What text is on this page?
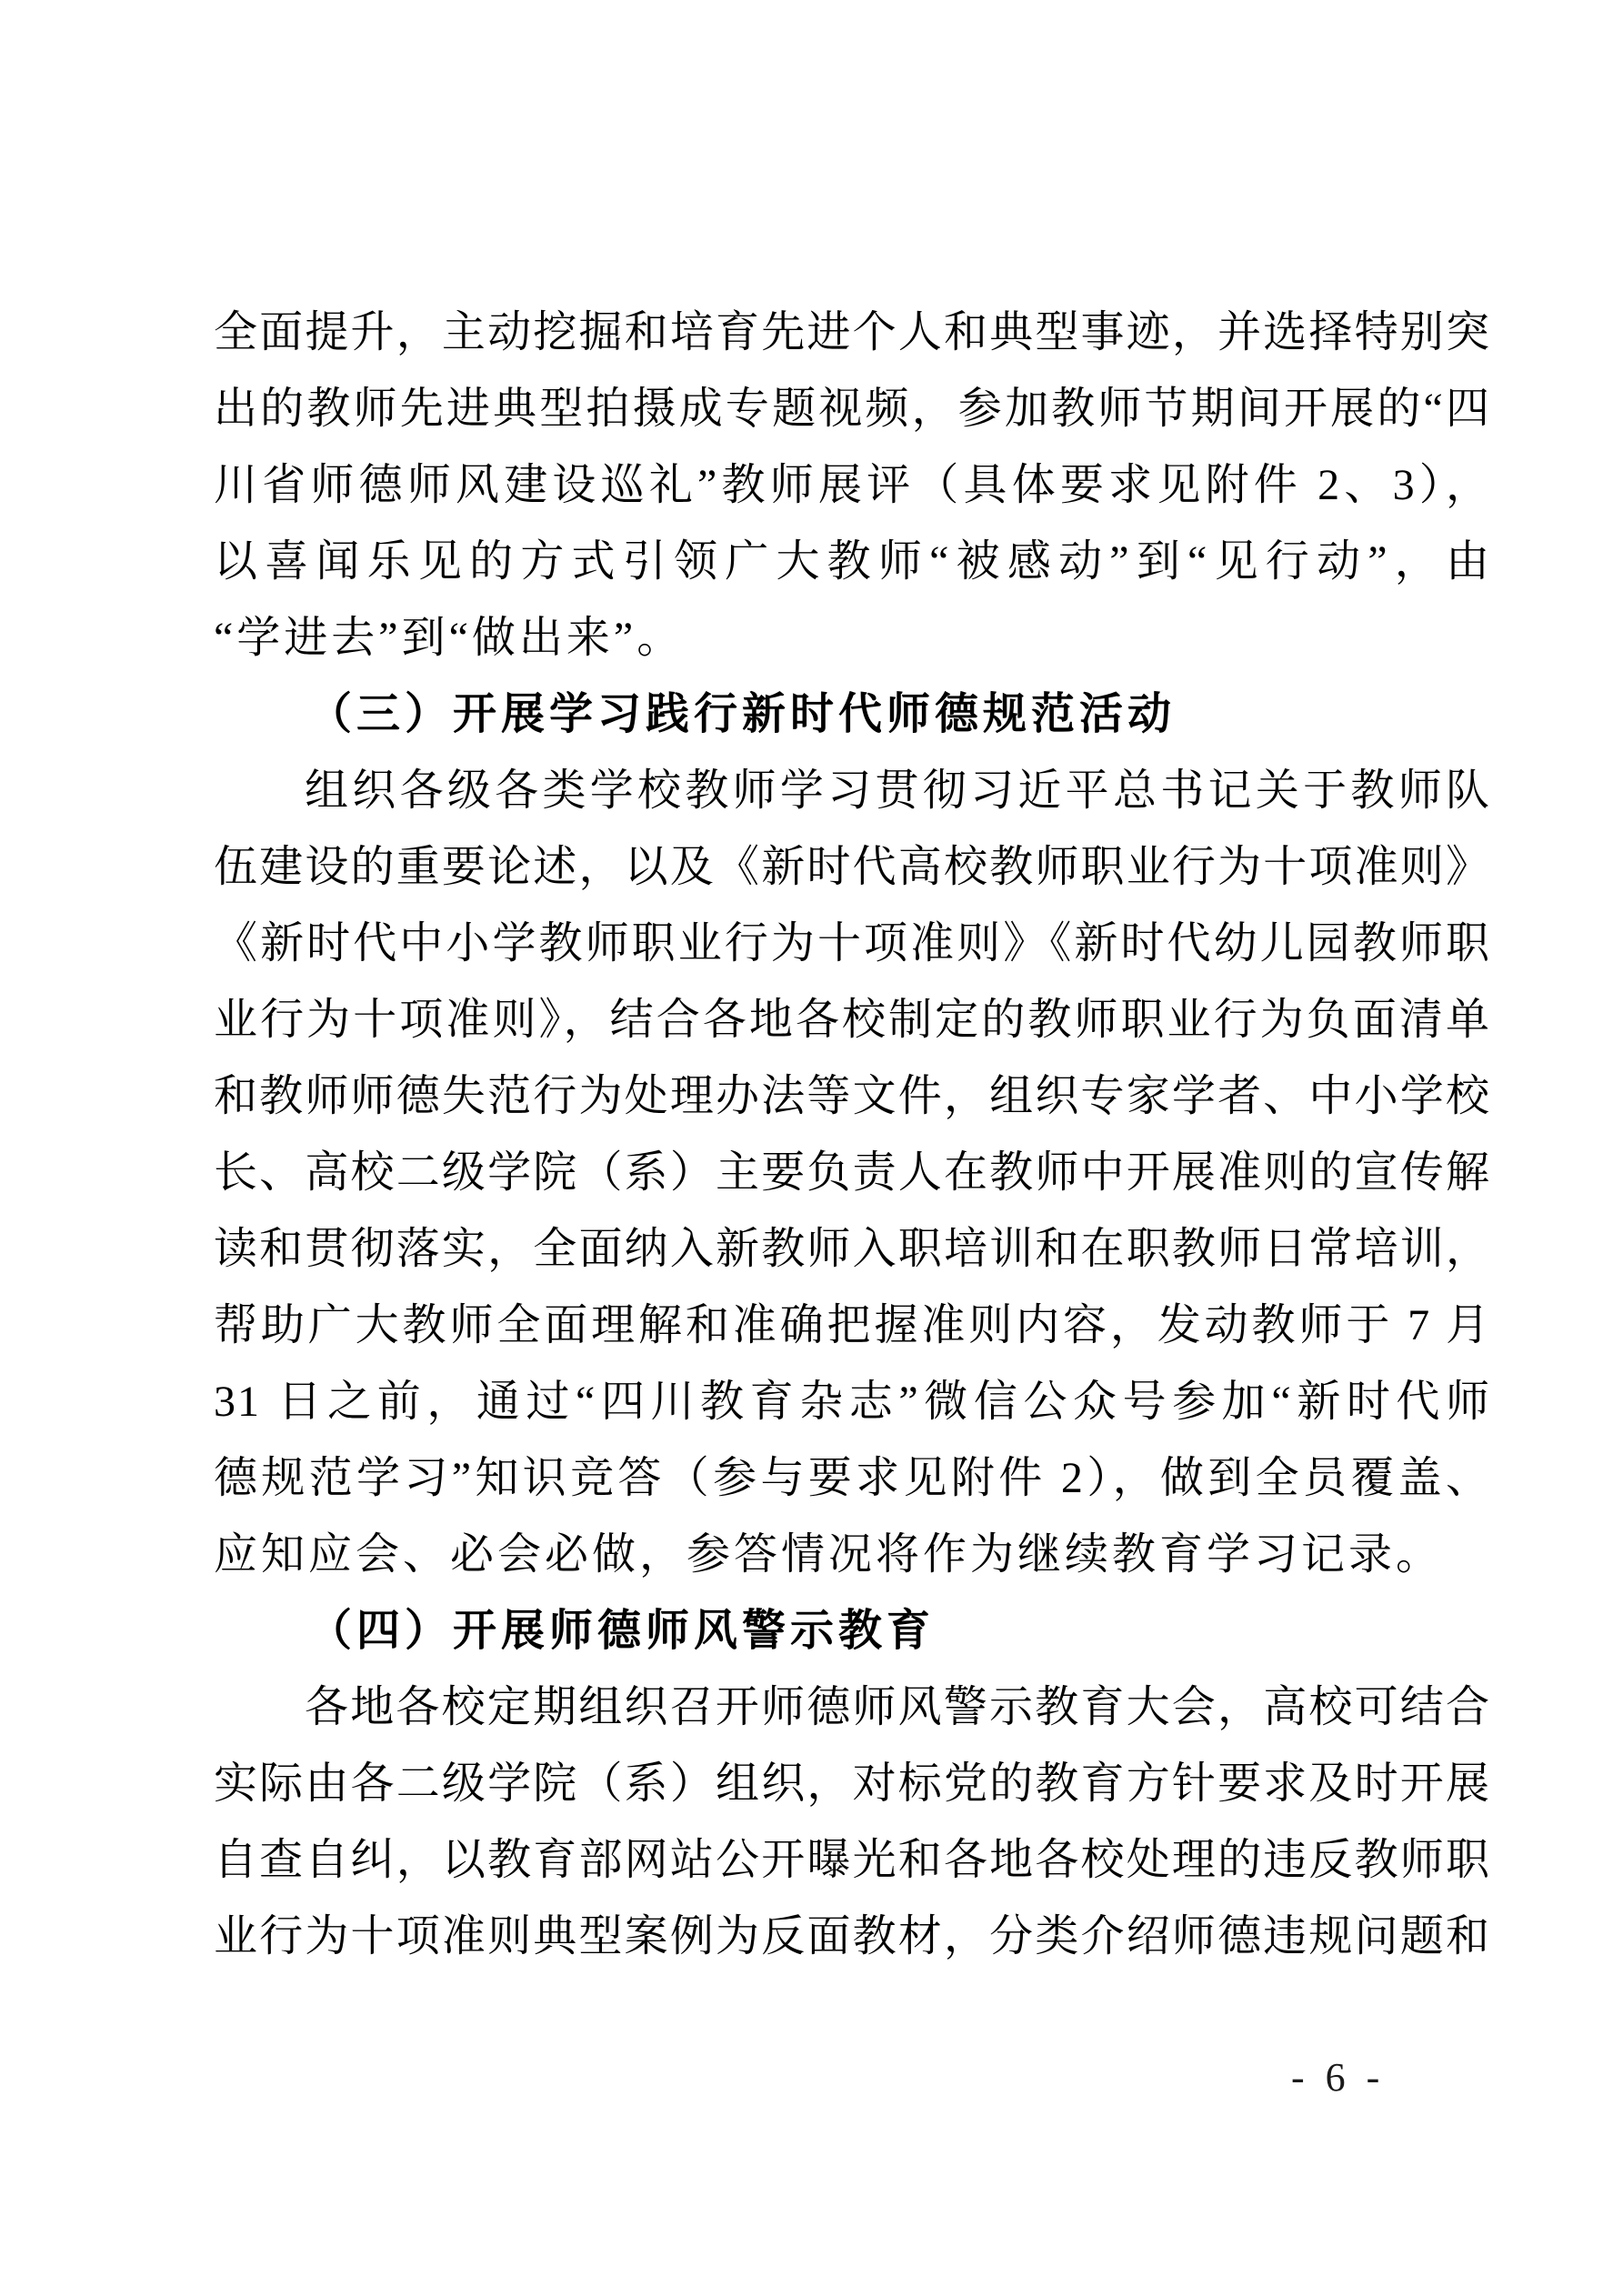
全面提升，主动挖掘和培育先进个人和典型事迹，并选择特别突
出的教师先进典型拍摄成专题视频，参加教师节期间开展的“四
川省师德师风建设巡礼”教师展评（具体要求见附件 2、3），
以喜闻乐见的方式引领广大教师“被感动”到“见行动”，由
“学进去”到“做出来”。
（三）开展学习践行新时代师德规范活动
组织各级各类学校教师学习贯彻习近平总书记关于教师队
伍建设的重要论述，以及《新时代高校教师职业行为十项准则》
《新时代中小学教师职业行为十项准则》《新时代幼儿园教师职
业行为十项准则》，结合各地各校制定的教师职业行为负面清单
和教师师德失范行为处理办法等文件，组织专家学者、中小学校
长、高校二级学院（系）主要负责人在教师中开展准则的宣传解
读和贯彻落实，全面纳入新教师入职培训和在职教师日常培训，
帮助广大教师全面理解和准确把握准则内容，发动教师于 7 月
31 日之前，通过“四川教育杂志”微信公众号参加“新时代师
德规范学习”知识竞答（参与要求见附件 2），做到全员覆盖、
应知应会、必会必做，参答情况将作为继续教育学习记录。
（四）开展师德师风警示教育
各地各校定期组织召开师德师风警示教育大会，高校可结合
实际由各二级学院（系）组织，对标党的教育方针要求及时开展
自查自纠，以教育部网站公开曝光和各地各校处理的违反教师职
业行为十项准则典型案例为反面教材，分类介绍师德违规问题和
- 6 -
